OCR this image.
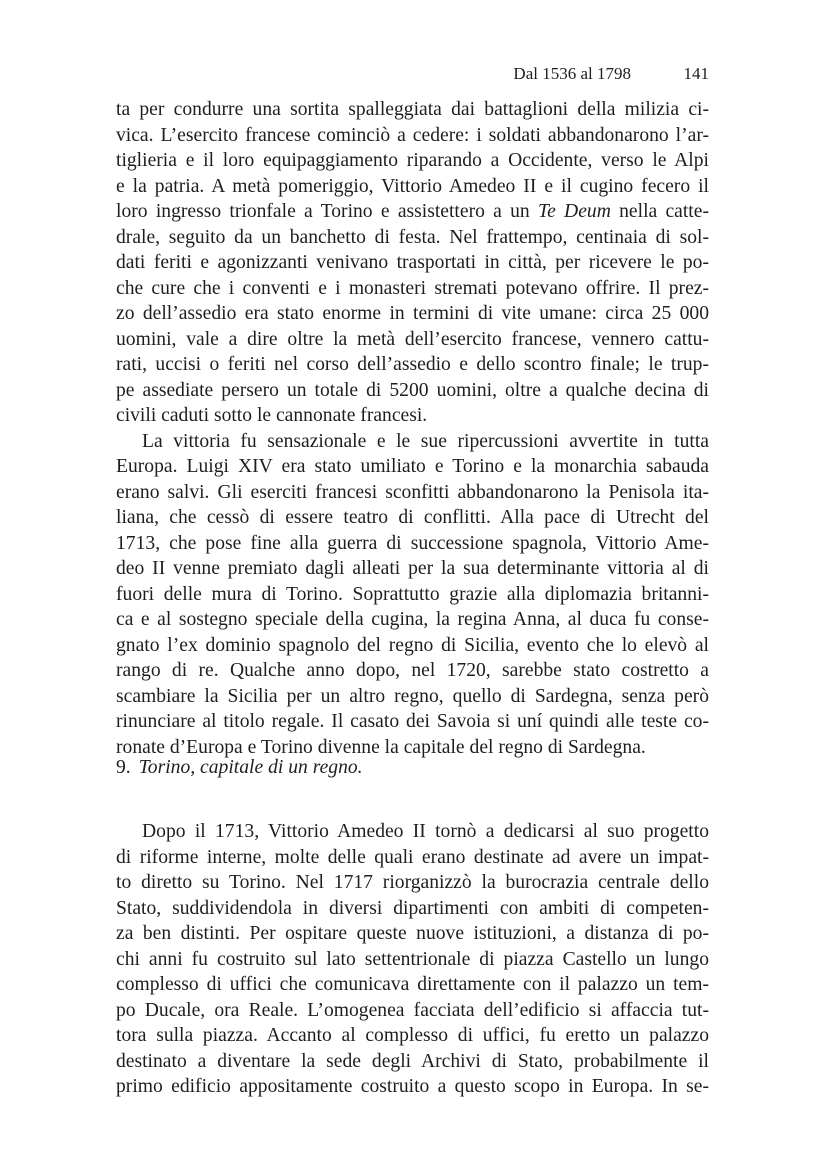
Dal 1536 al 1798	141
ta per condurre una sortita spalleggiata dai battaglioni della milizia ci-
vica. L’esercito francese cominciò a cedere: i soldati abbandonarono l’ar-
tiglieria e il loro equipaggiamento riparando a Occidente, verso le Alpi
e la patria. A metà pomeriggio, Vittorio Amedeo II e il cugino fecero il
loro ingresso trionfale a Torino e assistettero a un Te Deum nella catte-
drale, seguito da un banchetto di festa. Nel frattempo, centinaia di sol-
dati feriti e agonizzanti venivano trasportati in città, per ricevere le po-
che cure che i conventi e i monasteri stremati potevano offrire. Il prez-
zo dell’assedio era stato enorme in termini di vite umane: circa 25 000
uomini, vale a dire oltre la metà dell’esercito francese, vennero cattu-
rati, uccisi o feriti nel corso dell’assedio e dello scontro finale; le trup-
pe assediate persero un totale di 5200 uomini, oltre a qualche decina di
civili caduti sotto le cannonate francesi.
La vittoria fu sensazionale e le sue ripercussioni avvertite in tutta
Europa. Luigi XIV era stato umiliato e Torino e la monarchia sabauda
erano salvi. Gli eserciti francesi sconfitti abbandonarono la Penisola ita-
liana, che cessò di essere teatro di conflitti. Alla pace di Utrecht del
1713, che pose fine alla guerra di successione spagnola, Vittorio Ame-
deo II venne premiato dagli alleati per la sua determinante vittoria al di
fuori delle mura di Torino. Soprattutto grazie alla diplomazia britanni-
ca e al sostegno speciale della cugina, la regina Anna, al duca fu conse-
gnato l’ex dominio spagnolo del regno di Sicilia, evento che lo elevò al
rango di re. Qualche anno dopo, nel 1720, sarebbe stato costretto a
scambiare la Sicilia per un altro regno, quello di Sardegna, senza però
rinunciare al titolo regale. Il casato dei Savoia si uní quindi alle teste co-
ronate d’Europa e Torino divenne la capitale del regno di Sardegna.
9. Torino, capitale di un regno.
Dopo il 1713, Vittorio Amedeo II tornò a dedicarsi al suo progetto
di riforme interne, molte delle quali erano destinate ad avere un impat-
to diretto su Torino. Nel 1717 riorganizzò la burocrazia centrale dello
Stato, suddividendola in diversi dipartimenti con ambiti di competen-
za ben distinti. Per ospitare queste nuove istituzioni, a distanza di po-
chi anni fu costruito sul lato settentrionale di piazza Castello un lungo
complesso di uffici che comunicava direttamente con il palazzo un tem-
po Ducale, ora Reale. L’omogenea facciata dell’edificio si affaccia tut-
tora sulla piazza. Accanto al complesso di uffici, fu eretto un palazzo
destinato a diventare la sede degli Archivi di Stato, probabilmente il
primo edificio appositamente costruito a questo scopo in Europa. In se-
